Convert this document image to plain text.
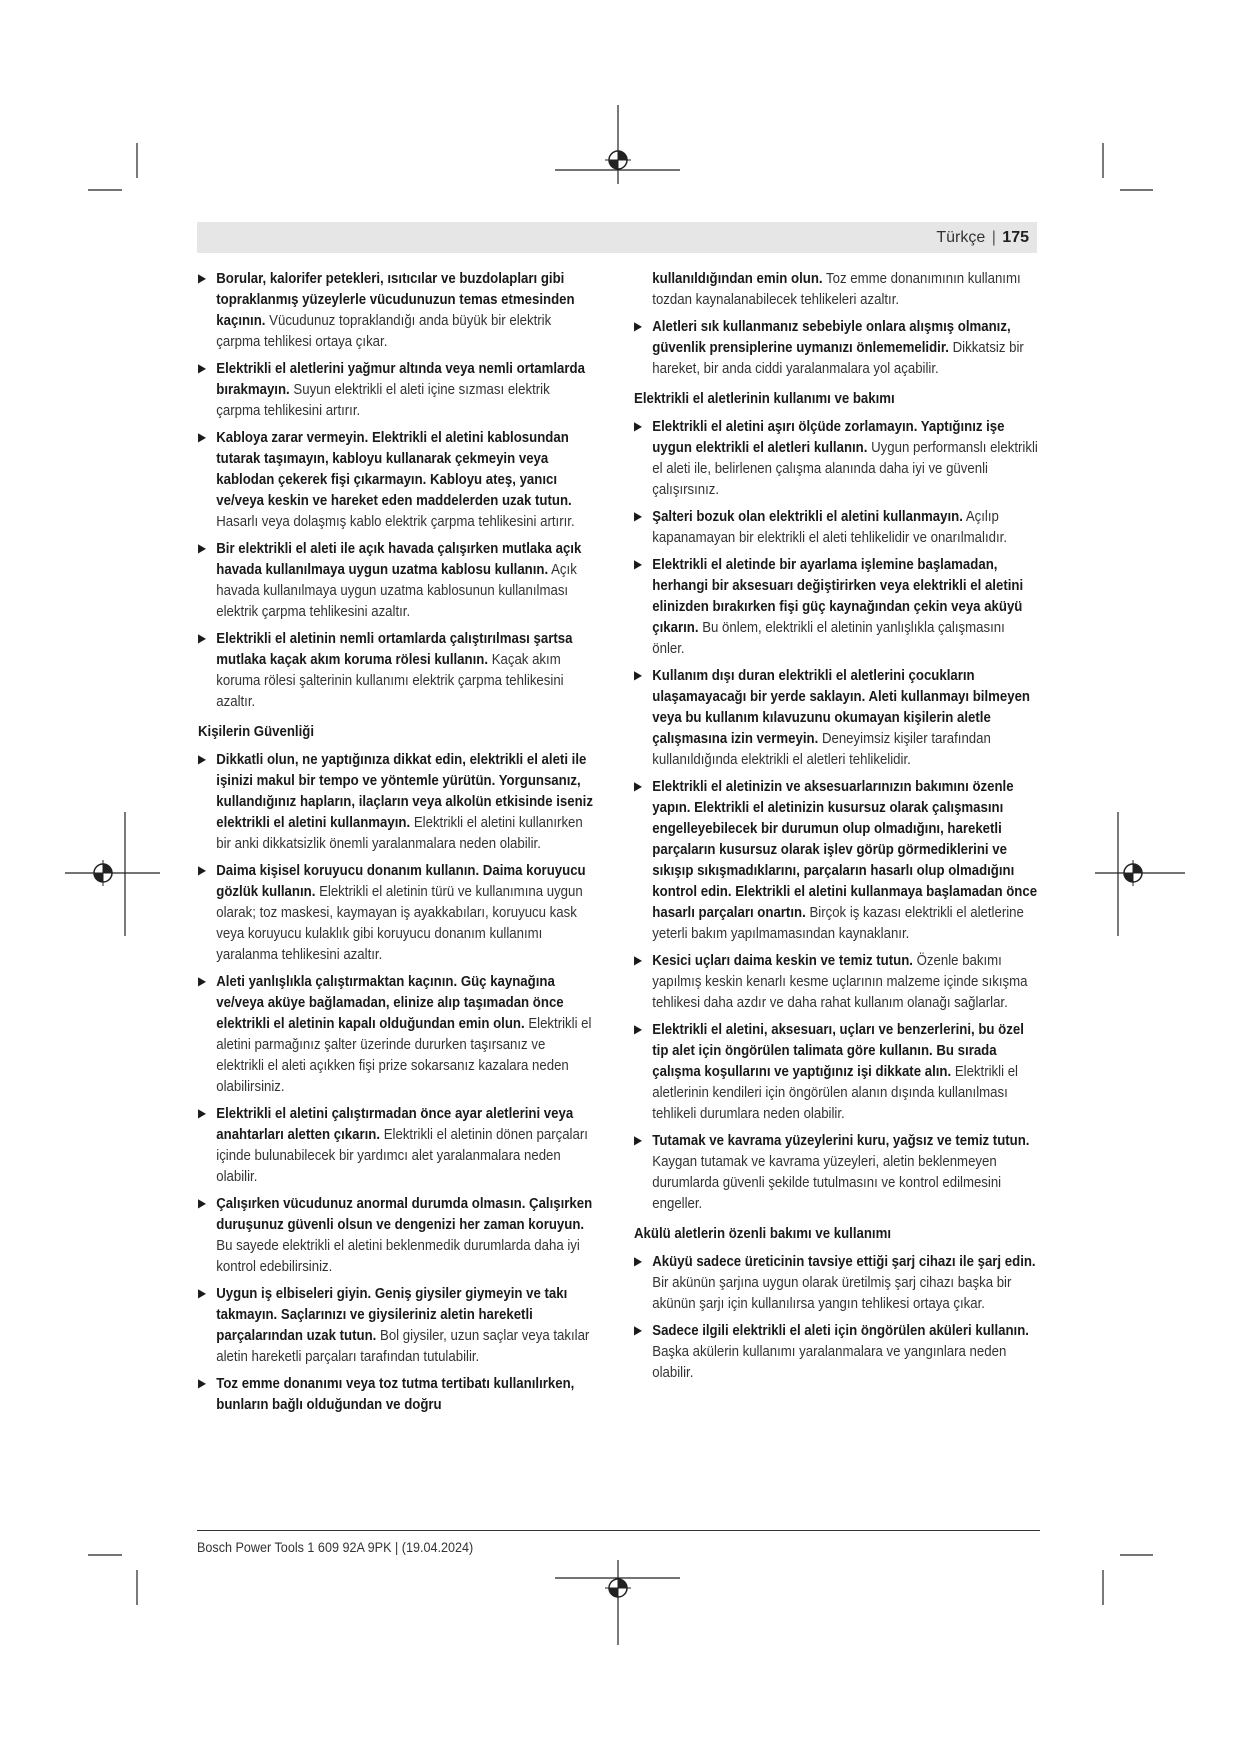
Türkçe | 175
▶ Borular, kalorifer petekleri, ısıtıcılar ve buzdolapları gibi topraklanmış yüzeylerle vücudunuzun temas etmesinden kaçının. Vücudunuz topraklandığı anda büyük bir elektrik çarpma tehlikesi ortaya çıkar.

▶ Elektrikli el aletlerini yağmur altında veya nemli ortamlarda bırakmayın. Suyun elektrikli el aleti içine sızması elektrik çarpma tehlikesini artırır.

▶ Kabloya zarar vermeyin. Elektrikli el aletini kablosundan tutarak taşımayın, kabloyu kullanarak çekmeyin veya kablodan çekerek fişi çıkarmayın. Kabloyu ateş, yanıcı ve/veya keskin ve hareket eden maddelerden uzak tutun. Hasarlı veya dolaşmış kablo elektrik çarpma tehlikesini artırır.

▶ Bir elektrikli el aleti ile açık havada çalışırken mutlaka açık havada kullanılmaya uygun uzatma kablosu kullanın. Açık havada kullanılmaya uygun uzatma kablosunun kullanılması elektrik çarpma tehlikesini azaltır.

▶ Elektrikli el aletinin nemli ortamlarda çalıştırılması şartsa mutlaka kaçak akım koruma rölesi kullanın. Kaçak akım koruma rölesi şalterinin kullanımı elektrik çarpma tehlikesini azaltır.

Kişilerin Güvenliği
▶ Dikkatli olun, ne yaptığınıza dikkat edin, elektrikli el aleti ile işinizi makul bir tempo ve yöntemle yürütün. Yorgunsanız, kullandığınız hapların, ilaçların veya alkolün etkisinde iseniz elektrikli el aletini kullanmayın. Elektrikli el aletini kullanırken bir anki dikkatsizlik önemli yaralanmalara neden olabilir.

▶ Daima kişisel koruyucu donanım kullanın. Daima koruyucu gözlük kullanın. Elektrikli el aletinin türü ve kullanımına uygun olarak; toz maskesi, kaymayan iş ayakkabıları, koruyucu kask veya koruyucu kulaklık gibi koruyucu donanım kullanımı yaralanma tehlikesini azaltır.

▶ Aleti yanlışlıkla çalıştırmaktan kaçının. Güç kaynağına ve/veya aküye bağlamadan, elinize alıp taşımadan önce elektrikli el aletinin kapalı olduğundan emin olun. Elektrikli el aletini parmağınız şalter üzerinde dururken taşırsanız ve elektrikli el aleti açıkken fişi prize sokarsanız kazalara neden olabilirsiniz.

▶ Elektrikli el aletini çalıştırmadan önce ayar aletlerini veya anahtarları aletten çıkarın. Elektrikli el aletinin dönen parçaları içinde bulunabilecek bir yardımcı alet yaralanmalara neden olabilir.

▶ Çalışırken vücudunuz anormal durumda olmasın. Çalışırken duruşunuz güvenli olsun ve dengenizi her zaman koruyun. Bu sayede elektrikli el aletini beklenmedik durumlarda daha iyi kontrol edebilirsiniz.

▶ Uygun iş elbiseleri giyin. Geniş giysiler giymeyin ve takı takmayın. Saçlarınızı ve giysileriniz aletin hareketli parçalarından uzak tutun. Bol giysiler, uzun saçlar veya takılar aletin hareketli parçaları tarafından tutulabilir.

▶ Toz emme donanımı veya toz tutma tertibatı kullanılırken, bunların bağlı olduğundan ve doğru

kullanıldığından emin olun. Toz emme donanımının kullanımı tozdan kaynalanabilecek tehlikeleri azaltır.

▶ Aletleri sık kullanmanız sebebiyle onlara alışmış olmanız, güvenlik prensiplerine uymanızı önlememelidir. Dikkatsiz bir hareket, bir anda ciddi yaralanmalara yol açabilir.

Elektrikli el aletlerinin kullanımı ve bakımı
▶ Elektrikli el aletini aşırı ölçüde zorlamayın. Yaptığınız işe uygun elektrikli el aletleri kullanın. Uygun performanslı elektrikli el aleti ile, belirlenen çalışma alanında daha iyi ve güvenli çalışırsınız.

▶ Şalteri bozuk olan elektrikli el aletini kullanmayın. Açılıp kapanamayan bir elektrikli el aleti tehlikelidir ve onarılmalıdır.

▶ Elektrikli el aletinde bir ayarlama işlemine başlamadan, herhangi bir aksesuarı değiştirirken veya elektrikli el aletini elinizden bırakırken fişi güç kaynağından çekin veya aküyü çıkarın. Bu önlem, elektrikli el aletinin yanlışlıkla çalışmasını önler.

▶ Kullanım dışı duran elektrikli el aletlerini çocukların ulaşamayacağı bir yerde saklayın. Aleti kullanmayı bilmeyen veya bu kullanım kılavuzunu okumayan kişilerin aletle çalışmasına izin vermeyin. Deneyimsiz kişiler tarafından kullanıldığında elektrikli el aletleri tehlikelidir.

▶ Elektrikli el aletinizin ve aksesuarlarınızın bakımını özenle yapın. Elektrikli el aletinizin kusursuz olarak çalışmasını engelleyebilecek bir durumun olup olmadığını, hareketli parçaların kusursuz olarak işlev görüp görmediklerini ve sıkışıp sıkışmadıklarını, parçaların hasarlı olup olmadığını kontrol edin. Elektrikli el aletini kullanmaya başlamadan önce hasarlı parçaları onartın. Birçok iş kazası elektrikli el aletlerine yeterli bakım yapılmamasından kaynaklanır.

▶ Kesici uçları daima keskin ve temiz tutun. Özenle bakımı yapılmış keskin kenarlı kesme uçlarının malzeme içinde sıkışma tehlikesi daha azdır ve daha rahat kullanım olanağı sağlarlar.

▶ Elektrikli el aletini, aksesuarı, uçları ve benzerlerini, bu özel tip alet için öngörülen talimata göre kullanın. Bu sırada çalışma koşullarını ve yaptığınız işi dikkate alın. Elektrikli el aletlerinin kendileri için öngörülen alanın dışında kullanılması tehlikeli durumlara neden olabilir.

▶ Tutamak ve kavrama yüzeylerini kuru, yağsız ve temiz tutun. Kaygan tutamak ve kavrama yüzeyleri, aletin beklenmeyen durumlarda güvenli şekilde tutulmasını ve kontrol edilmesini engeller.

Akülü aletlerin özenli bakımı ve kullanımı
▶ Aküyü sadece üreticinin tavsiye ettiği şarj cihazı ile şarj edin. Bir akünün şarjına uygun olarak üretilmiş şarj cihazı başka bir akünün şarjı için kullanılırsa yangın tehlikesi ortaya çıkar.

▶ Sadece ilgili elektrikli el aleti için öngörülen aküleri kullanın. Başka akülerin kullanımı yaralanmalara ve yangınlara neden olabilir.

Bosch Power Tools 1 609 92A 9PK | (19.04.2024)
